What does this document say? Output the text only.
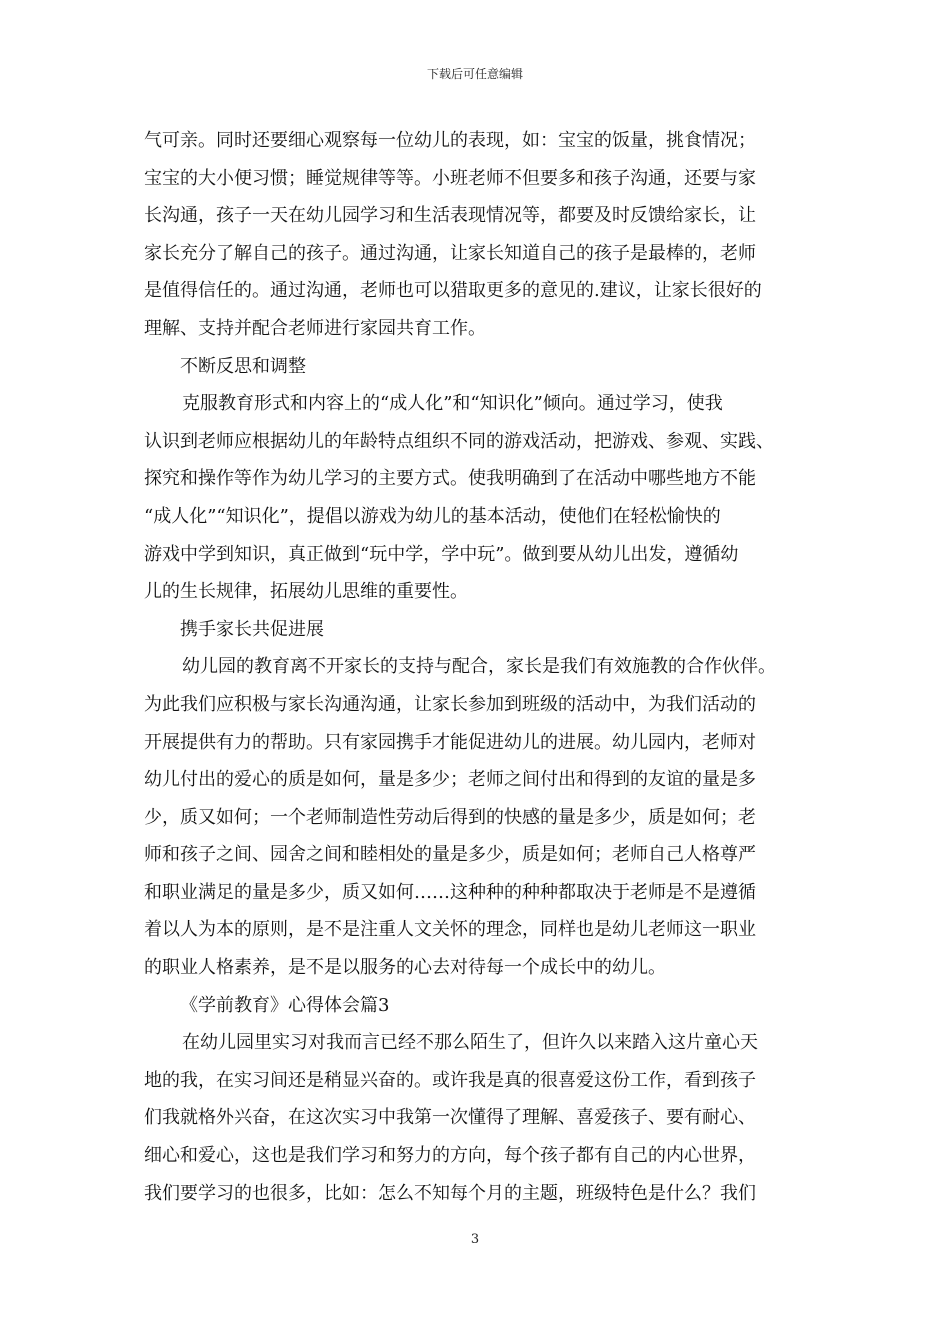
下载后可任意编辑
气可亲。同时还要细心观察每一位幼儿的表现，如：宝宝的饭量，挑食情况；
宝宝的大小便习惯；睡觉规律等等。小班老师不但要多和孩子沟通，还要与家
长沟通，孩子一天在幼儿园学习和生活表现情况等，都要及时反馈给家长，让
家长充分了解自己的孩子。通过沟通，让家长知道自己的孩子是最棒的，老师
是值得信任的。通过沟通，老师也可以猎取更多的意见的.建议，让家长很好的
理解、支持并配合老师进行家园共育工作。
不断反思和调整
克服教育形式和内容上的“成人化”和“知识化”倾向。通过学习，使我
认识到老师应根据幼儿的年龄特点组织不同的游戏活动，把游戏、参观、实践、
探究和操作等作为幼儿学习的主要方式。使我明确到了在活动中哪些地方不能
“成人化”“知识化”，提倡以游戏为幼儿的基本活动，使他们在轻松愉快的
游戏中学到知识，真正做到“玩中学，学中玩”。做到要从幼儿出发，遵循幼
儿的生长规律，拓展幼儿思维的重要性。
携手家长共促进展
幼儿园的教育离不开家长的支持与配合，家长是我们有效施教的合作伙伴。
为此我们应积极与家长沟通沟通，让家长参加到班级的活动中，为我们活动的
开展提供有力的帮助。只有家园携手才能促进幼儿的进展。幼儿园内，老师对
幼儿付出的爱心的质是如何，量是多少；老师之间付出和得到的友谊的量是多
少，质又如何；一个老师制造性劳动后得到的快感的量是多少，质是如何；老
师和孩子之间、园舍之间和睦相处的量是多少，质是如何；老师自己人格尊严
和职业满足的量是多少，质又如何……这种种的种种都取决于老师是不是遵循
着以人为本的原则，是不是注重人文关怀的理念，同样也是幼儿老师这一职业
的职业人格素养，是不是以服务的心去对待每一个成长中的幼儿。
《学前教育》心得体会篇3
在幼儿园里实习对我而言已经不那么陌生了，但许久以来踏入这片童心天
地的我，在实习间还是稍显兴奋的。或许我是真的很喜爱这份工作，看到孩子
们我就格外兴奋，在这次实习中我第一次懂得了理解、喜爱孩子、要有耐心、
细心和爱心，这也是我们学习和努力的方向，每个孩子都有自己的内心世界，
我们要学习的也很多，比如：怎么不知每个月的主题，班级特色是什么？我们
3
